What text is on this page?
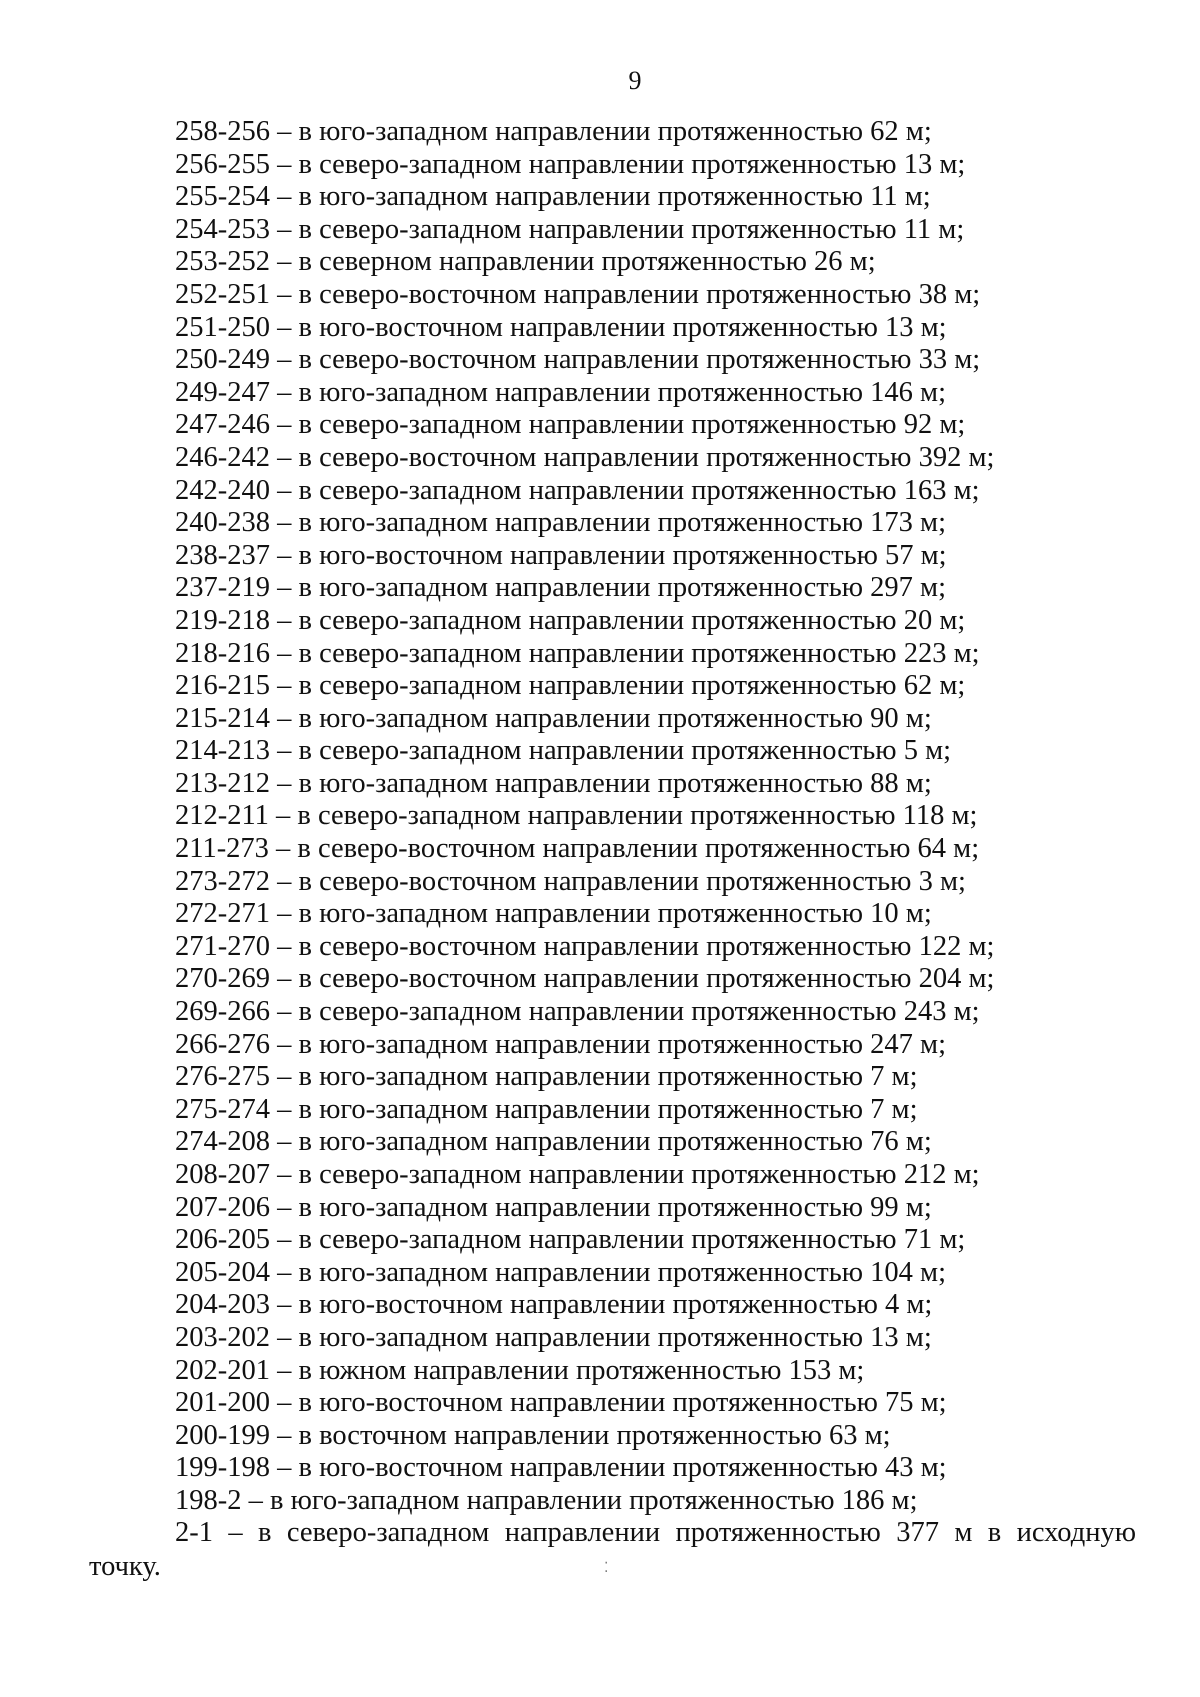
9
258-256 – в юго-западном направлении протяженностью 62 м;
256-255 – в северо-западном направлении протяженностью 13 м;
255-254 – в юго-западном направлении протяженностью 11 м;
254-253 – в северо-западном направлении протяженностью 11 м;
253-252 – в северном направлении протяженностью 26 м;
252-251 – в северо-восточном направлении протяженностью 38 м;
251-250 – в юго-восточном направлении протяженностью 13 м;
250-249 – в северо-восточном направлении протяженностью 33 м;
249-247 – в юго-западном направлении протяженностью 146 м;
247-246 – в северо-западном направлении протяженностью 92 м;
246-242 – в северо-восточном направлении протяженностью 392 м;
242-240 – в северо-западном направлении протяженностью 163 м;
240-238 – в юго-западном направлении протяженностью 173 м;
238-237 – в юго-восточном направлении протяженностью 57 м;
237-219 – в юго-западном направлении протяженностью 297 м;
219-218 – в северо-западном направлении протяженностью 20 м;
218-216 – в северо-западном направлении протяженностью 223 м;
216-215 – в северо-западном направлении протяженностью 62 м;
215-214 – в юго-западном направлении протяженностью 90 м;
214-213 – в северо-западном направлении протяженностью 5 м;
213-212 – в юго-западном направлении протяженностью 88 м;
212-211 – в северо-западном направлении протяженностью 118 м;
211-273 – в северо-восточном направлении протяженностью 64 м;
273-272 – в северо-восточном направлении протяженностью 3 м;
272-271 – в юго-западном направлении протяженностью 10 м;
271-270 – в северо-восточном направлении протяженностью 122 м;
270-269 – в северо-восточном направлении протяженностью 204 м;
269-266 – в северо-западном направлении протяженностью 243 м;
266-276 – в юго-западном направлении протяженностью 247 м;
276-275 – в юго-западном направлении протяженностью 7 м;
275-274 – в юго-западном направлении протяженностью 7 м;
274-208 – в юго-западном направлении протяженностью 76 м;
208-207 – в северо-западном направлении протяженностью 212 м;
207-206 – в юго-западном направлении протяженностью 99 м;
206-205 – в северо-западном направлении протяженностью 71 м;
205-204 – в юго-западном направлении протяженностью 104 м;
204-203 – в юго-восточном направлении протяженностью 4 м;
203-202 – в юго-западном направлении протяженностью 13 м;
202-201 – в южном направлении протяженностью 153 м;
201-200 – в юго-восточном направлении протяженностью 75 м;
200-199 – в восточном направлении протяженностью 63 м;
199-198 – в юго-восточном направлении протяженностью 43 м;
198-2 – в юго-западном направлении протяженностью 186 м;
2-1 – в северо-западном направлении протяженностью 377 м в исходную
точку.	⁚
